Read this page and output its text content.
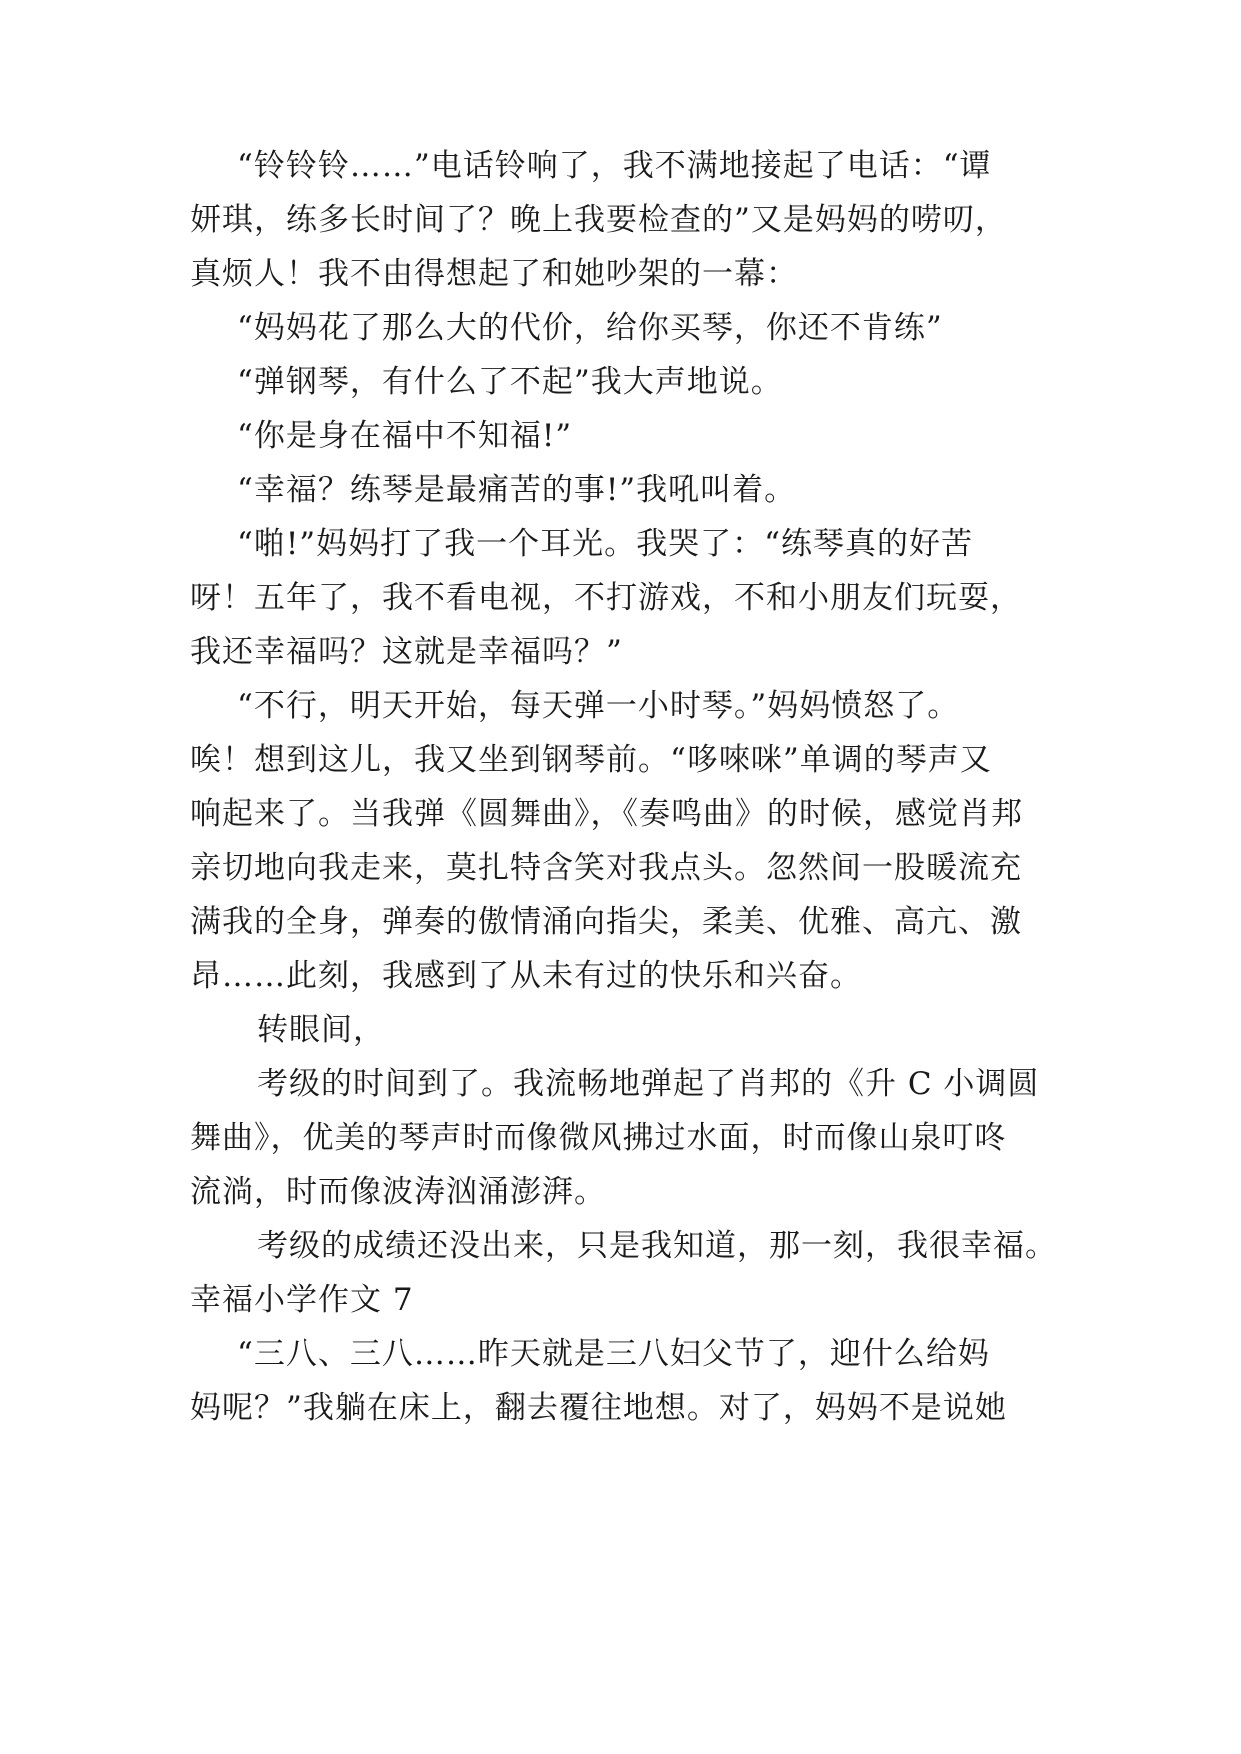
“铃铃铃……”电话铃响了，我不满地接起了电话：“谭
妍琪，练多长时间了？晚上我要检查的”又是妈妈的唠叨，
真烦人！我不由得想起了和她吵架的一幕：
“妈妈花了那么大的代价，给你买琴，你还不肯练”
“弹钢琴，有什么了不起”我大声地说。
“你是身在福中不知福!”
“幸福？练琴是最痛苦的事!”我吼叫着。
“啪!”妈妈打了我一个耳光。我哭了：“练琴真的好苦
呀！五年了，我不看电视，不打游戏，不和小朋友们玩耍，
我还幸福吗？这就是幸福吗？”
“不行，明天开始，每天弹一小时琴。”妈妈愤怒了。
唉！想到这儿，我又坐到钢琴前。“哆唻咪”单调的琴声又
响起来了。当我弹《圆舞曲》，《奏鸣曲》的时候，感觉肖邦
亲切地向我走来，莫扎特含笑对我点头。忽然间一股暖流充
满我的全身，弹奏的傲情涌向指尖，柔美、优雅、高亢、激
昂……此刻，我感到了从未有过的快乐和兴奋。
转眼间，
考级的时间到了。我流畅地弹起了肖邦的《升 C 小调圆
舞曲》，优美的琴声时而像微风拂过水面，时而像山泉叮咚
流淌，时而像波涛汹涌澎湃。
考级的成绩还没出来，只是我知道，那一刻，我很幸福。
幸福小学作文 7
“三八、三八……昨天就是三八妇父节了，迎什么给妈
妈呢？”我躺在床上，翻去覆往地想。对了，妈妈不是说她
